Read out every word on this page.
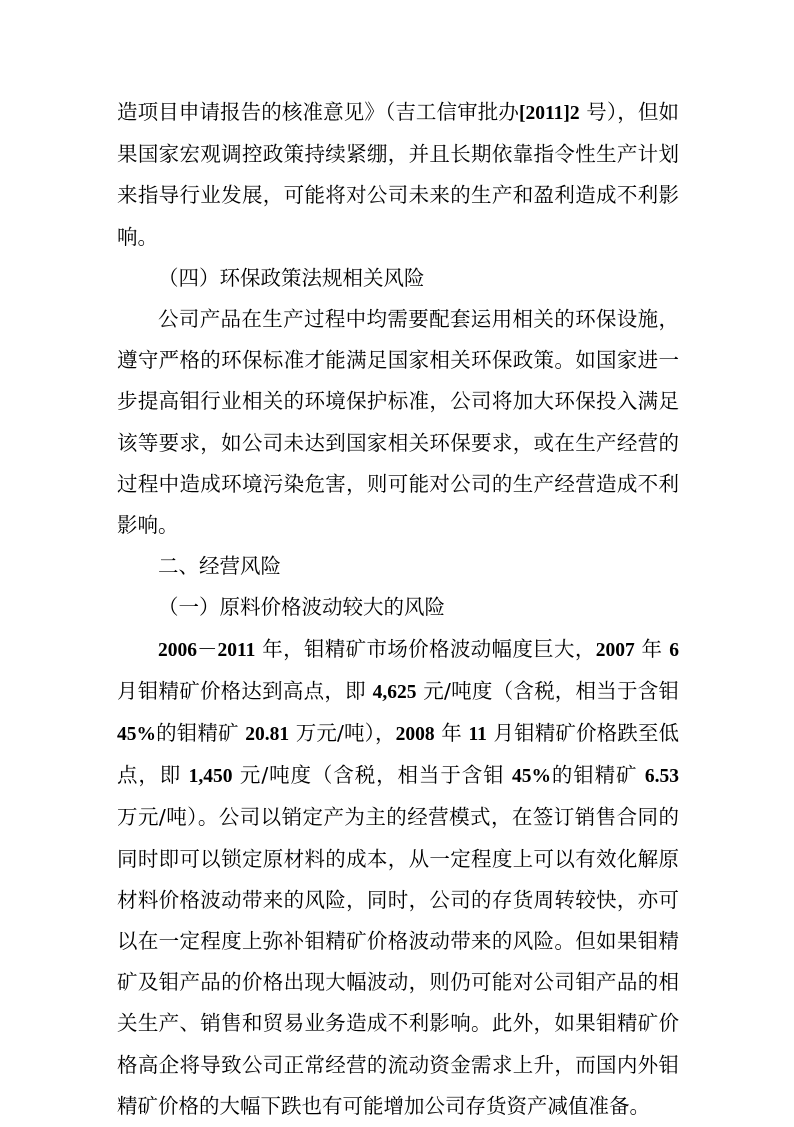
造项目申请报告的核准意见》（吉工信审批办[2011]2 号），但如果国家宏观调控政策持续紧绷，并且长期依靠指令性生产计划来指导行业发展，可能将对公司未来的生产和盈利造成不利影响。

（四）环保政策法规相关风险

公司产品在生产过程中均需要配套运用相关的环保设施，遵守严格的环保标准才能满足国家相关环保政策。如国家进一步提高钼行业相关的环境保护标准，公司将加大环保投入满足该等要求，如公司未达到国家相关环保要求，或在生产经营的过程中造成环境污染危害，则可能对公司的生产经营造成不利影响。

二、经营风险

（一）原料价格波动较大的风险

2006－2011 年，钼精矿市场价格波动幅度巨大，2007 年 6 月钼精矿价格达到高点，即 4,625 元/吨度（含税，相当于含钼 45%的钼精矿 20.81 万元/吨），2008 年 11 月钼精矿价格跌至低点，即 1,450 元/吨度（含税，相当于含钼 45%的钼精矿 6.53 万元/吨）。公司以销定产为主的经营模式，在签订销售合同的同时即可以锁定原材料的成本，从一定程度上可以有效化解原材料价格波动带来的风险，同时，公司的存货周转较快，亦可以在一定程度上弥补钼精矿价格波动带来的风险。但如果钼精矿及钼产品的价格出现大幅波动，则仍可能对公司钼产品的相关生产、销售和贸易业务造成不利影响。此外，如果钼精矿价格高企将导致公司正常经营的流动资金需求上升，而国内外钼精矿价格的大幅下跌也有可能增加公司存货资产减值准备。
